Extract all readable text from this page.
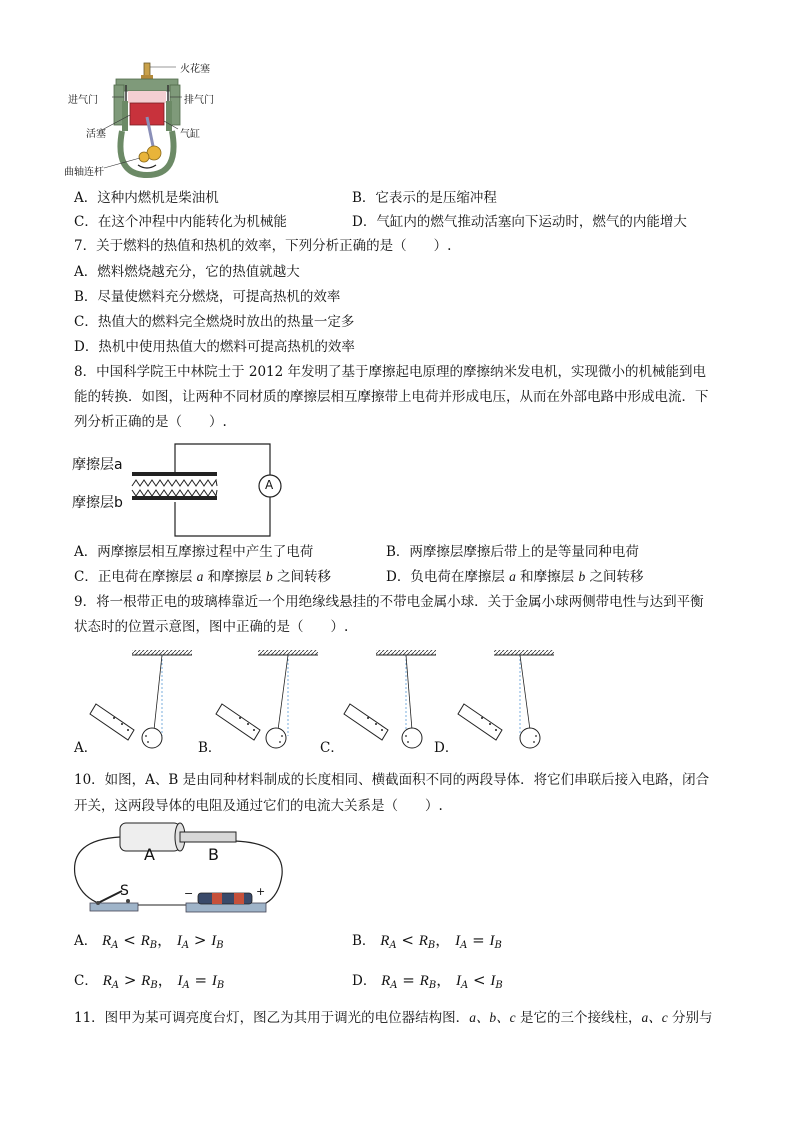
火花塞
进气门	排气门
活塞	气缸
曲轴连杆
A．这种内燃机是柴油机	B．它表示的是压缩冲程
C．在这个冲程中内能转化为机械能	D．气缸内的燃气推动活塞向下运动时，燃气的内能增大
7．关于燃料的热值和热机的效率，下列分析正确的是（　　）.
A．燃料燃烧越充分，它的热值就越大
B．尽量使燃料充分燃烧，可提高热机的效率
C．热值大的燃料完全燃烧时放出的热量一定多
D．热机中使用热值大的燃料可提高热机的效率
8．中国科学院王中林院士于 2012 年发明了基于摩擦起电原理的摩擦纳米发电机，实现微小的机械能到电
能的转换．如图，让两种不同材质的摩擦层相互摩擦带上电荷并形成电压，从而在外部电路中形成电流．下
列分析正确的是（　　）.
摩擦层a
摩擦层b
A
A．两摩擦层相互摩擦过程中产生了电荷	B．两摩擦层摩擦后带上的是等量同种电荷
C．正电荷在摩擦层 a 和摩擦层 b 之间转移	D．负电荷在摩擦层 a 和摩擦层 b 之间转移
9．将一根带正电的玻璃棒靠近一个用绝缘线悬挂的不带电金属小球．关于金属小球两侧带电性与达到平衡
状态时的位置示意图，图中正确的是（　　）.
A．	B．	C．	D．
10．如图，A、B 是由同种材料制成的长度相同、横截面积不同的两段导体．将它们串联后接入电路，闭合
开关，这两段导体的电阻及通过它们的电流大关系是（　　）.
A	B
S	−	+
A． $R_A < R_B$， $I_A > I_B$	B． $R_A < R_B$， $I_A = I_B$
C． $R_A > R_B$， $I_A = I_B$	D． $R_A = R_B$， $I_A < I_B$
11．图甲为某可调亮度台灯，图乙为其用于调光的电位器结构图．a、b、c 是它的三个接线柱，a、c 分别与
